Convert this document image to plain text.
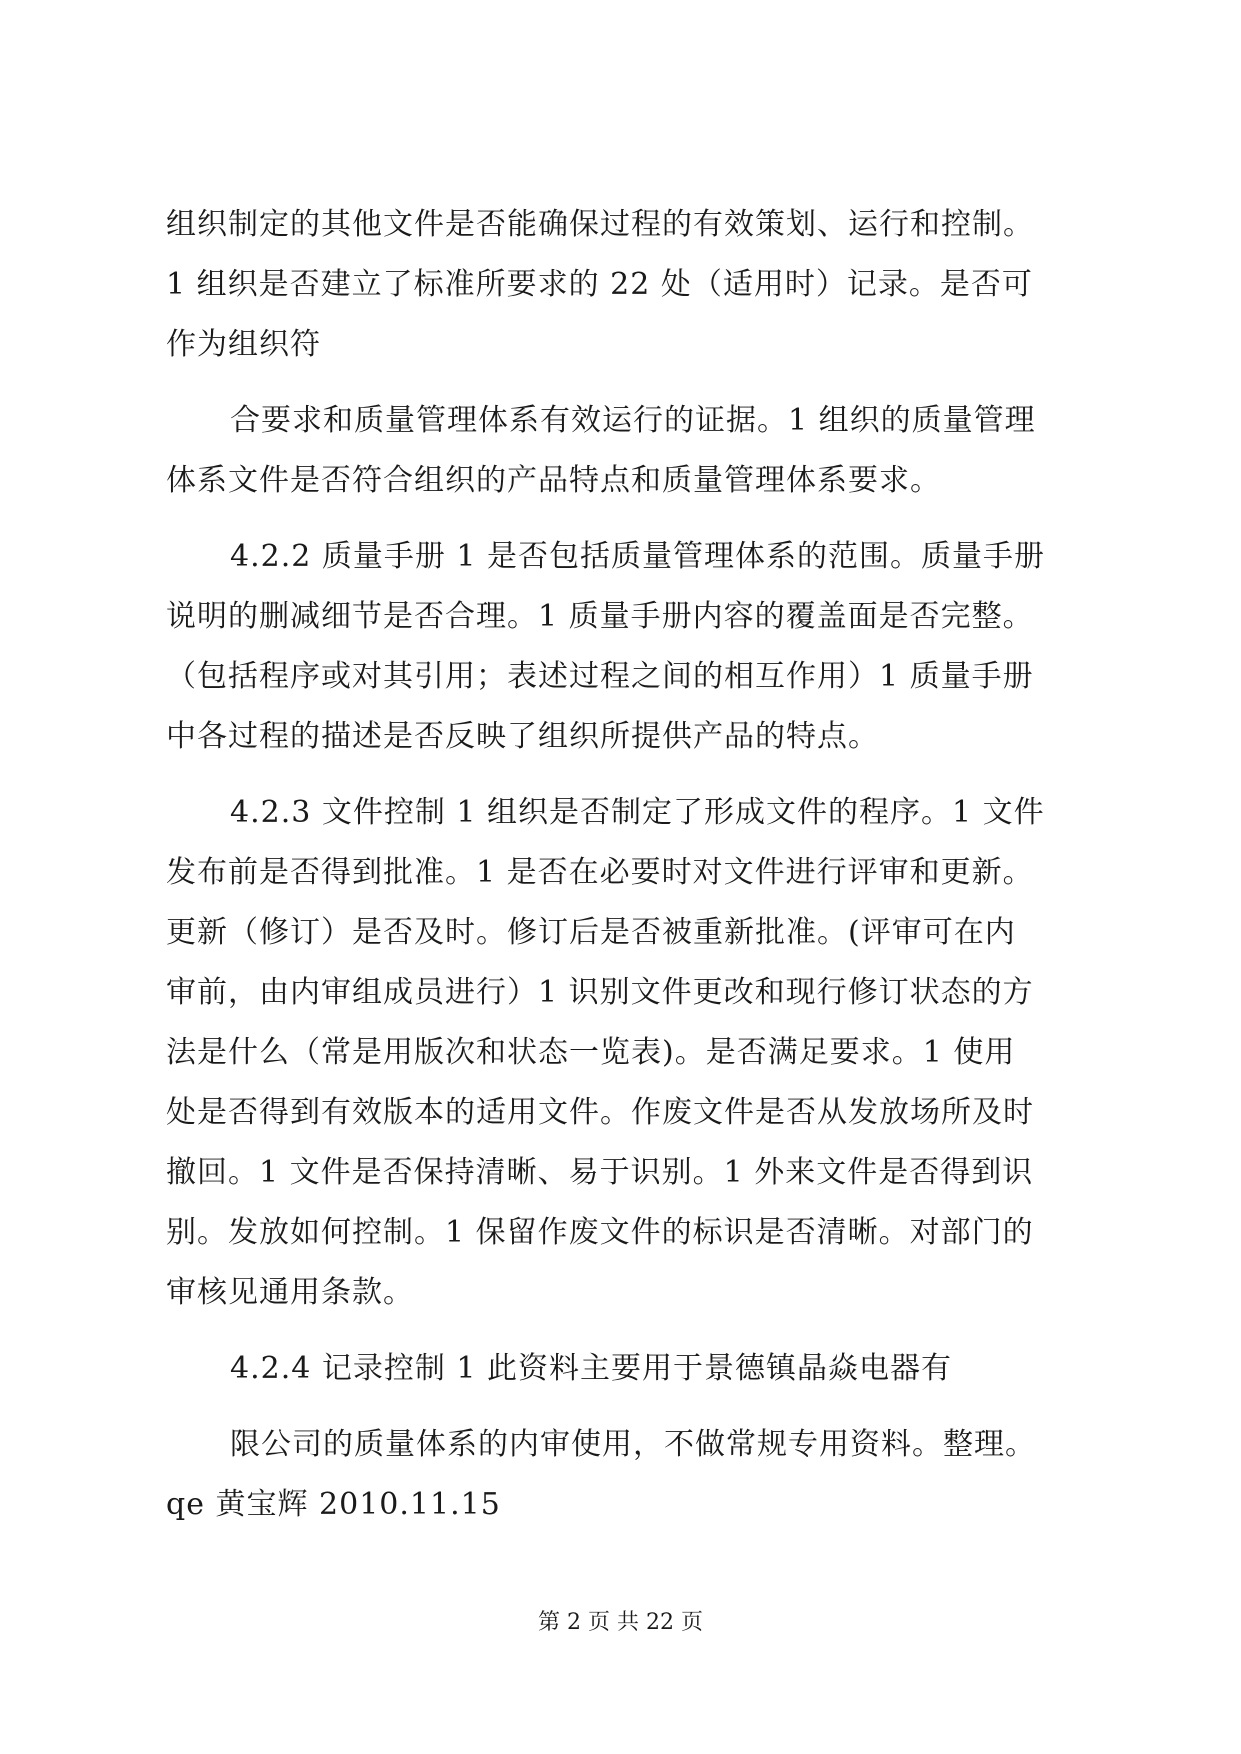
组织制定的其他文件是否能确保过程的有效策划、运行和控制。
1 组织是否建立了标准所要求的 22 处（适用时）记录。是否可
作为组织符
合要求和质量管理体系有效运行的证据。1 组织的质量管理
体系文件是否符合组织的产品特点和质量管理体系要求。
4.2.2 质量手册 1 是否包括质量管理体系的范围。质量手册
说明的删减细节是否合理。1 质量手册内容的覆盖面是否完整。
（包括程序或对其引用；表述过程之间的相互作用）1 质量手册
中各过程的描述是否反映了组织所提供产品的特点。
4.2.3 文件控制 1 组织是否制定了形成文件的程序。1 文件
发布前是否得到批准。1 是否在必要时对文件进行评审和更新。
更新（修订）是否及时。修订后是否被重新批准。(评审可在内
审前，由内审组成员进行）1 识别文件更改和现行修订状态的方
法是什么（常是用版次和状态一览表)。是否满足要求。1 使用
处是否得到有效版本的适用文件。作废文件是否从发放场所及时
撤回。1 文件是否保持清晰、易于识别。1 外来文件是否得到识
别。发放如何控制。1 保留作废文件的标识是否清晰。对部门的
审核见通用条款。
4.2.4 记录控制 1 此资料主要用于景德镇晶焱电器有
限公司的质量体系的内审使用，不做常规专用资料。整理。
qe 黄宝辉 2010.11.15
第 2 页 共 22 页
